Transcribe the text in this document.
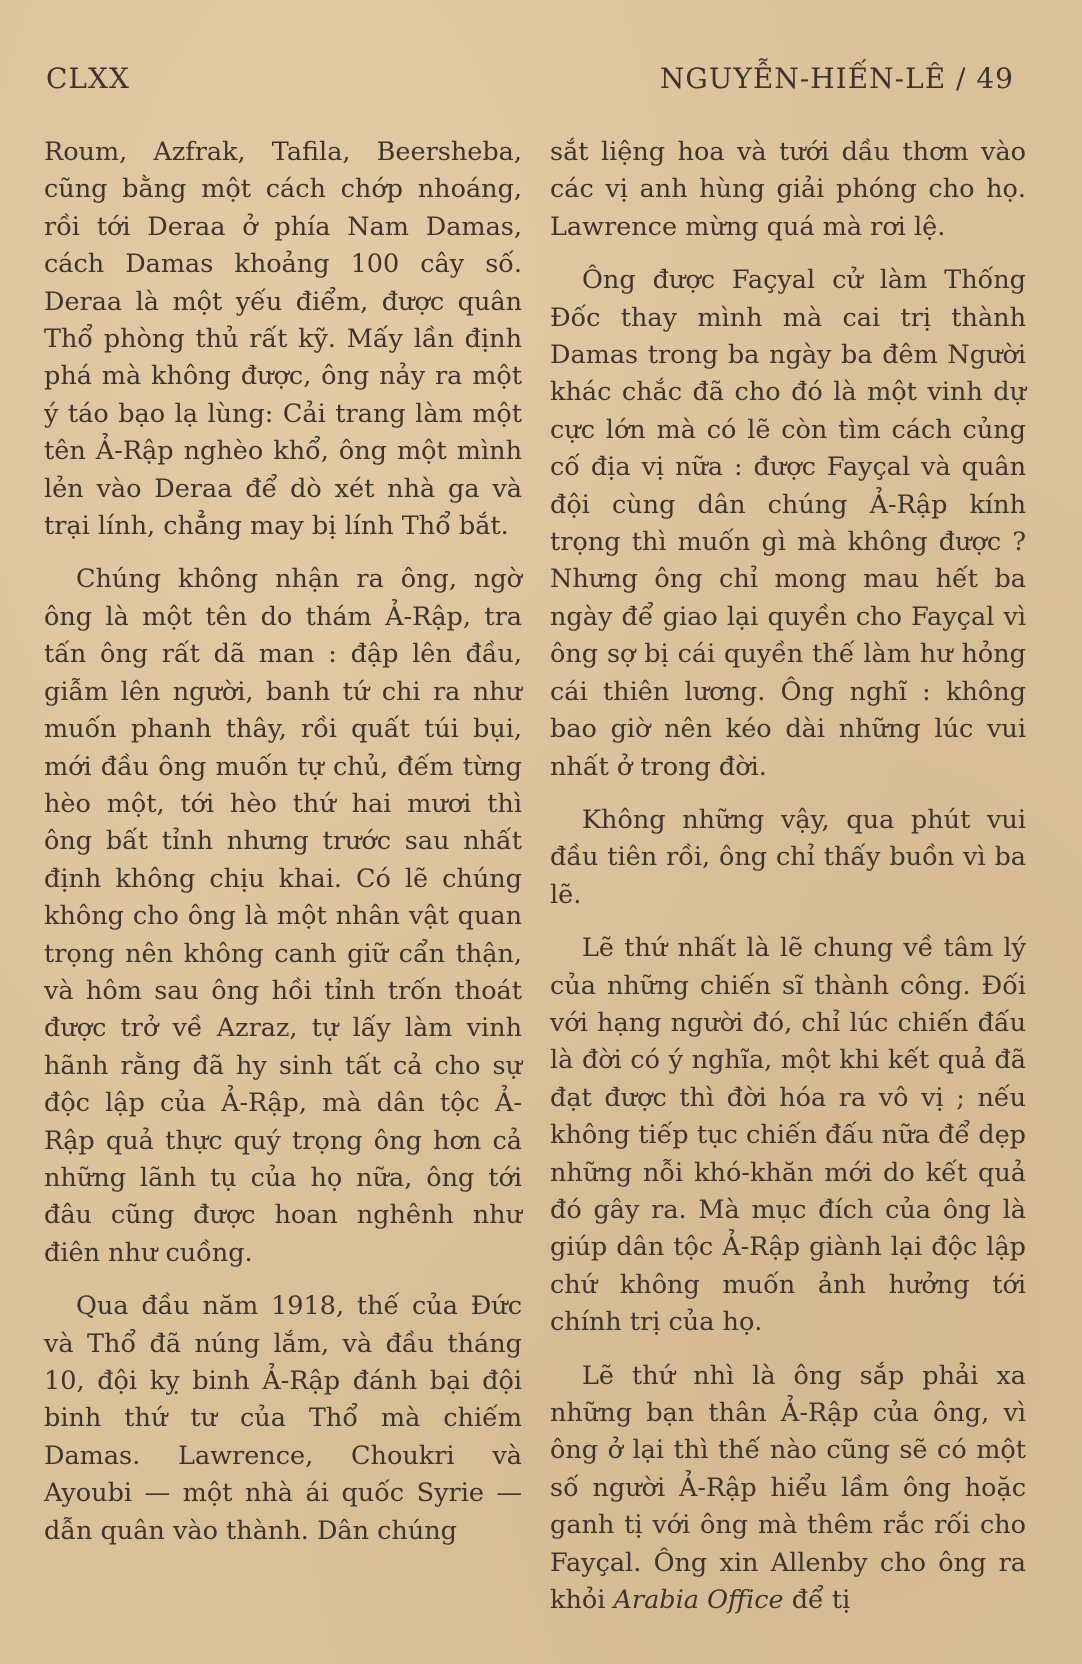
CLXX	NGUYỄN-HIẾN-LÊ / 49

Roum, Azfrak, Tafila, Beersheba, cũng bằng một cách chớp nhoáng, rồi tới Deraa ở phía Nam Damas, cách Damas khoảng 100 cây số. Deraa là một yếu điểm, được quân Thổ phòng thủ rất kỹ. Mấy lần định phá mà không được, ông nảy ra một ý táo bạo lạ lùng: Cải trang làm một tên Ả-Rập nghèo khổ, ông một mình lẻn vào Deraa để dò xét nhà ga và trại lính, chẳng may bị lính Thổ bắt.

Chúng không nhận ra ông, ngờ ông là một tên do thám Ả-Rập, tra tấn ông rất dã man : đập lên đầu, giẫm lên người, banh tứ chi ra như muốn phanh thây, rồi quất túi bụi, mới đầu ông muốn tự chủ, đếm từng hèo một, tới hèo thứ hai mươi thì ông bất tỉnh nhưng trước sau nhất định không chịu khai. Có lẽ chúng không cho ông là một nhân vật quan trọng nên không canh giữ cẩn thận, và hôm sau ông hồi tỉnh trốn thoát được trở về Azraz, tự lấy làm vinh hãnh rằng đã hy sinh tất cả cho sự độc lập của Ả-Rập, mà dân tộc Ả-Rập quả thực quý trọng ông hơn cả những lãnh tụ của họ nữa, ông tới đâu cũng được hoan nghênh như điên như cuồng.

Qua đầu năm 1918, thế của Đức và Thổ đã núng lắm, và đầu tháng 10, đội kỵ binh Ả-Rập đánh bại đội binh thứ tư của Thổ mà chiếm Damas. Lawrence, Choukri và Ayoubi — một nhà ái quốc Syrie — dẫn quân vào thành. Dân chúng

sắt liệng hoa và tưới dầu thơm vào các vị anh hùng giải phóng cho họ. Lawrence mừng quá mà rơi lệ.

Ông được Façyal cử làm Thống Đốc thay mình mà cai trị thành Damas trong ba ngày ba đêm Người khác chắc đã cho đó là một vinh dự cực lớn mà có lẽ còn tìm cách củng cố địa vị nữa : được Fayçal và quân đội cùng dân chúng Ả-Rập kính trọng thì muốn gì mà không được ? Nhưng ông chỉ mong mau hết ba ngày để giao lại quyền cho Fayçal vì ông sợ bị cái quyền thế làm hư hỏng cái thiên lương. Ông nghĩ : không bao giờ nên kéo dài những lúc vui nhất ở trong đời.

Không những vậy, qua phút vui đầu tiên rồi, ông chỉ thấy buồn vì ba lẽ.

Lẽ thứ nhất là lẽ chung về tâm lý của những chiến sĩ thành công. Đối với hạng người đó, chỉ lúc chiến đấu là đời có ý nghĩa, một khi kết quả đã đạt được thì đời hóa ra vô vị ; nếu không tiếp tục chiến đấu nữa để dẹp những nỗi khó-khăn mới do kết quả đó gây ra. Mà mục đích của ông là giúp dân tộc Ả-Rập giành lại độc lập chứ không muốn ảnh hưởng tới chính trị của họ.

Lẽ thứ nhì là ông sắp phải xa những bạn thân Ả-Rập của ông, vì ông ở lại thì thế nào cũng sẽ có một số người Ả-Rập hiểu lầm ông hoặc ganh tị với ông mà thêm rắc rối cho Fayçal. Ông xin Allenby cho ông ra khỏi Arabia Office để tị
